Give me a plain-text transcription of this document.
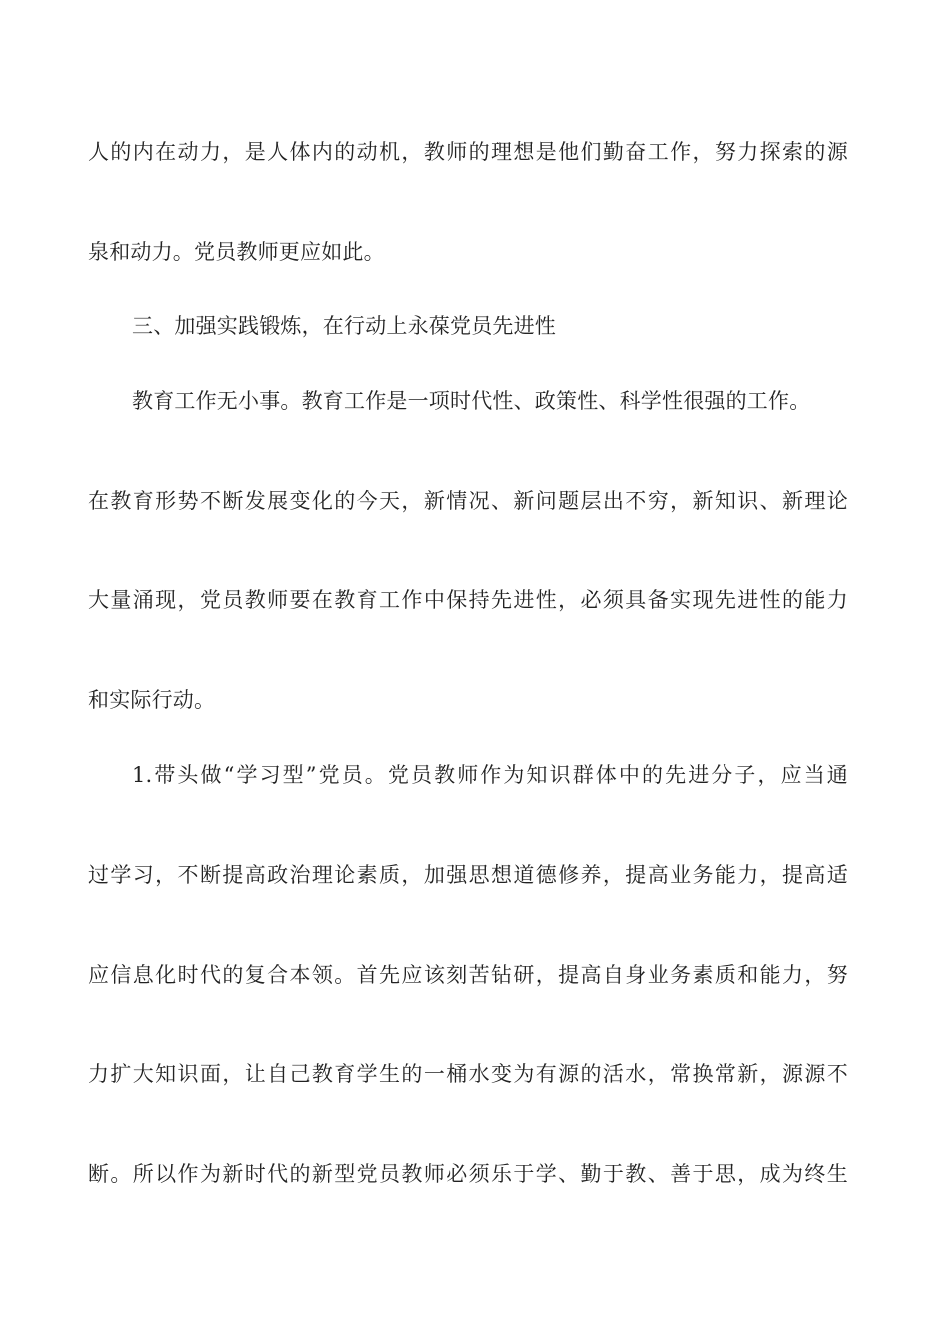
人的内在动力，是人体内的动机，教师的理想是他们勤奋工作，努力探索的源
泉和动力。党员教师更应如此。
三、加强实践锻炼，在行动上永葆党员先进性
教育工作无小事。教育工作是一项时代性、政策性、科学性很强的工作。
在教育形势不断发展变化的今天，新情况、新问题层出不穷，新知识、新理论
大量涌现，党员教师要在教育工作中保持先进性，必须具备实现先进性的能力
和实际行动。
1.带头做“学习型”党员。党员教师作为知识群体中的先进分子，应当通
过学习，不断提高政治理论素质，加强思想道德修养，提高业务能力，提高适
应信息化时代的复合本领。首先应该刻苦钻研，提高自身业务素质和能力，努
力扩大知识面，让自己教育学生的一桶水变为有源的活水，常换常新，源源不
断。所以作为新时代的新型党员教师必须乐于学、勤于教、善于思，成为终生
